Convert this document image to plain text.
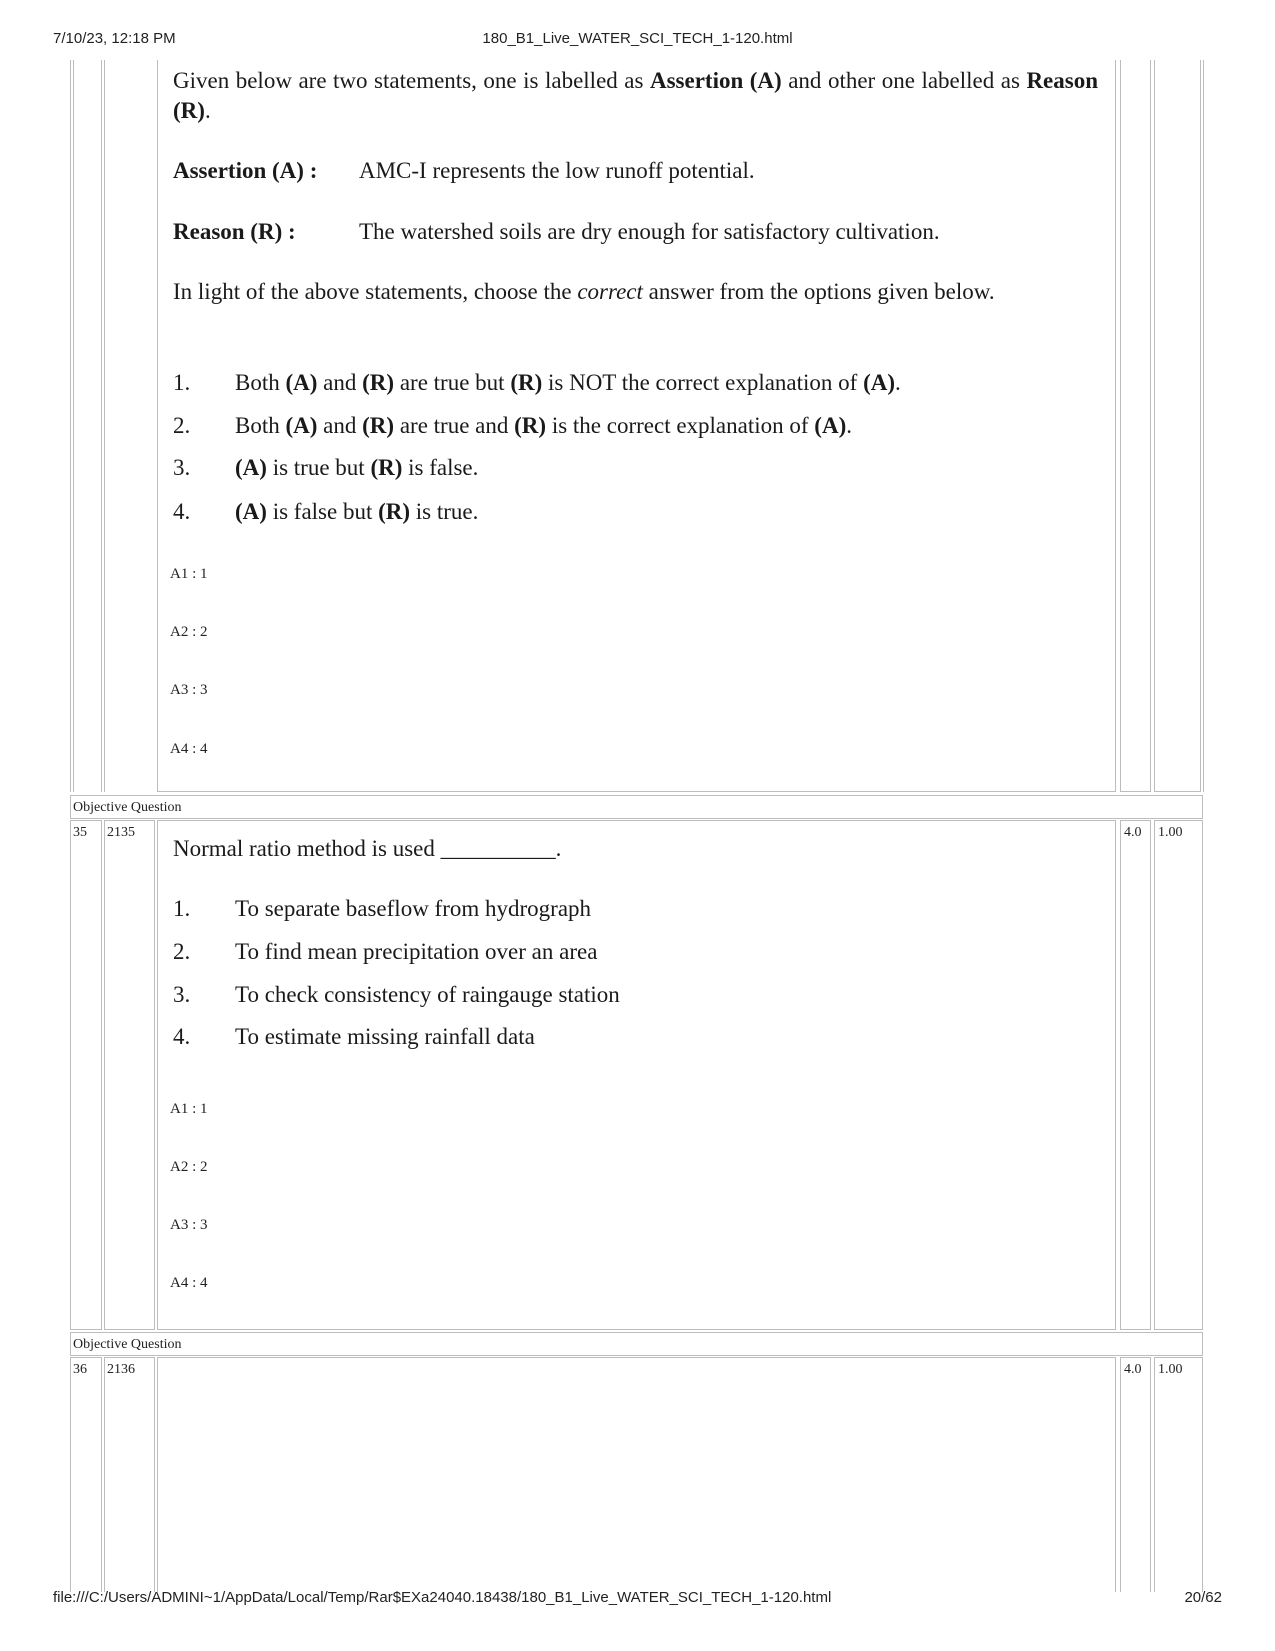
7/10/23, 12:18 PM	180_B1_Live_WATER_SCI_TECH_1-120.html
Given below are two statements, one is labelled as Assertion (A) and other one labelled as Reason (R).
Assertion (A) : AMC-I represents the low runoff potential.
Reason (R) :	The watershed soils are dry enough for satisfactory cultivation.
In light of the above statements, choose the correct answer from the options given below.
1. Both (A) and (R) are true but (R) is NOT the correct explanation of (A).
2. Both (A) and (R) are true and (R) is the correct explanation of (A).
3. (A) is true but (R) is false.
4. (A) is false but (R) is true.
A1 : 1
A2 : 2
A3 : 3
A4 : 4
Objective Question
35 2135	4.0 1.00
Normal ratio method is used __________.
1. To separate baseflow from hydrograph
2. To find mean precipitation over an area
3. To check consistency of raingauge station
4. To estimate missing rainfall data
A1 : 1
A2 : 2
A3 : 3
A4 : 4
Objective Question
36 2136	4.0 1.00
file:///C:/Users/ADMINI~1/AppData/Local/Temp/Rar$EXa24040.18438/180_B1_Live_WATER_SCI_TECH_1-120.html	20/62
